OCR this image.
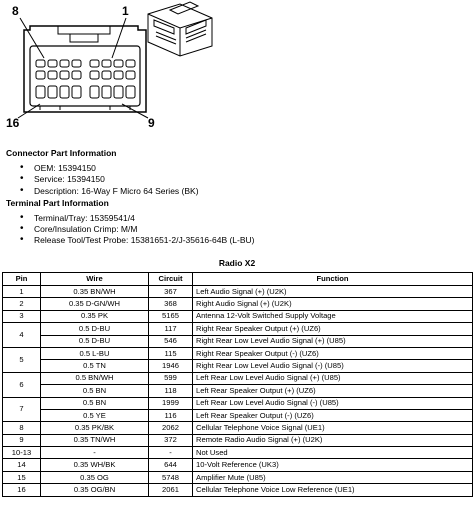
8	1
16	9
Connector Part Information
• OEM: 15394150
• Service: 15394150
• Description: 16-Way F Micro 64 Series (BK)
Terminal Part Information
• Terminal/Tray: 15359541/4
• Core/Insulation Crimp: M/M
• Release Tool/Test Probe: 15381651-2/J-35616-64B (L-BU)
Radio X2
Pin	Wire	Circuit	Function
1	0.35 BN/WH	367	Left Audio Signal (+) (U2K)
2	0.35 D-GN/WH	368	Right Audio Signal (+) (U2K)
3	0.35 PK	5165	Antenna 12-Volt Switched Supply Voltage
4	0.5 D-BU	117	Right Rear Speaker Output (+) (UZ6)
	0.5 D-BU	546	Right Rear Low Level Audio Signal (+) (U85)
5	0.5 L-BU	115	Right Rear Speaker Output (-) (UZ6)
	0.5 TN	1946	Right Rear Low Level Audio Signal (-) (U85)
6	0.5 BN/WH	599	Left Rear Low Level Audio Signal (+) (U85)
	0.5 BN	118	Left Rear Speaker Output (+) (UZ6)
7	0.5 BN	1999	Left Rear Low Level Audio Signal (-) (U85)
	0.5 YE	116	Left Rear Speaker Output (-) (UZ6)
8	0.35 PK/BK	2062	Cellular Telephone Voice Signal (UE1)
9	0.35 TN/WH	372	Remote Radio Audio Signal (+) (U2K)
10-13	-	-	Not Used
14	0.35 WH/BK	644	10-Volt Reference (UK3)
15	0.35 OG	5748	Amplifier Mute (U85)
16	0.35 OG/BN	2061	Cellular Telephone Voice Low Reference (UE1)
